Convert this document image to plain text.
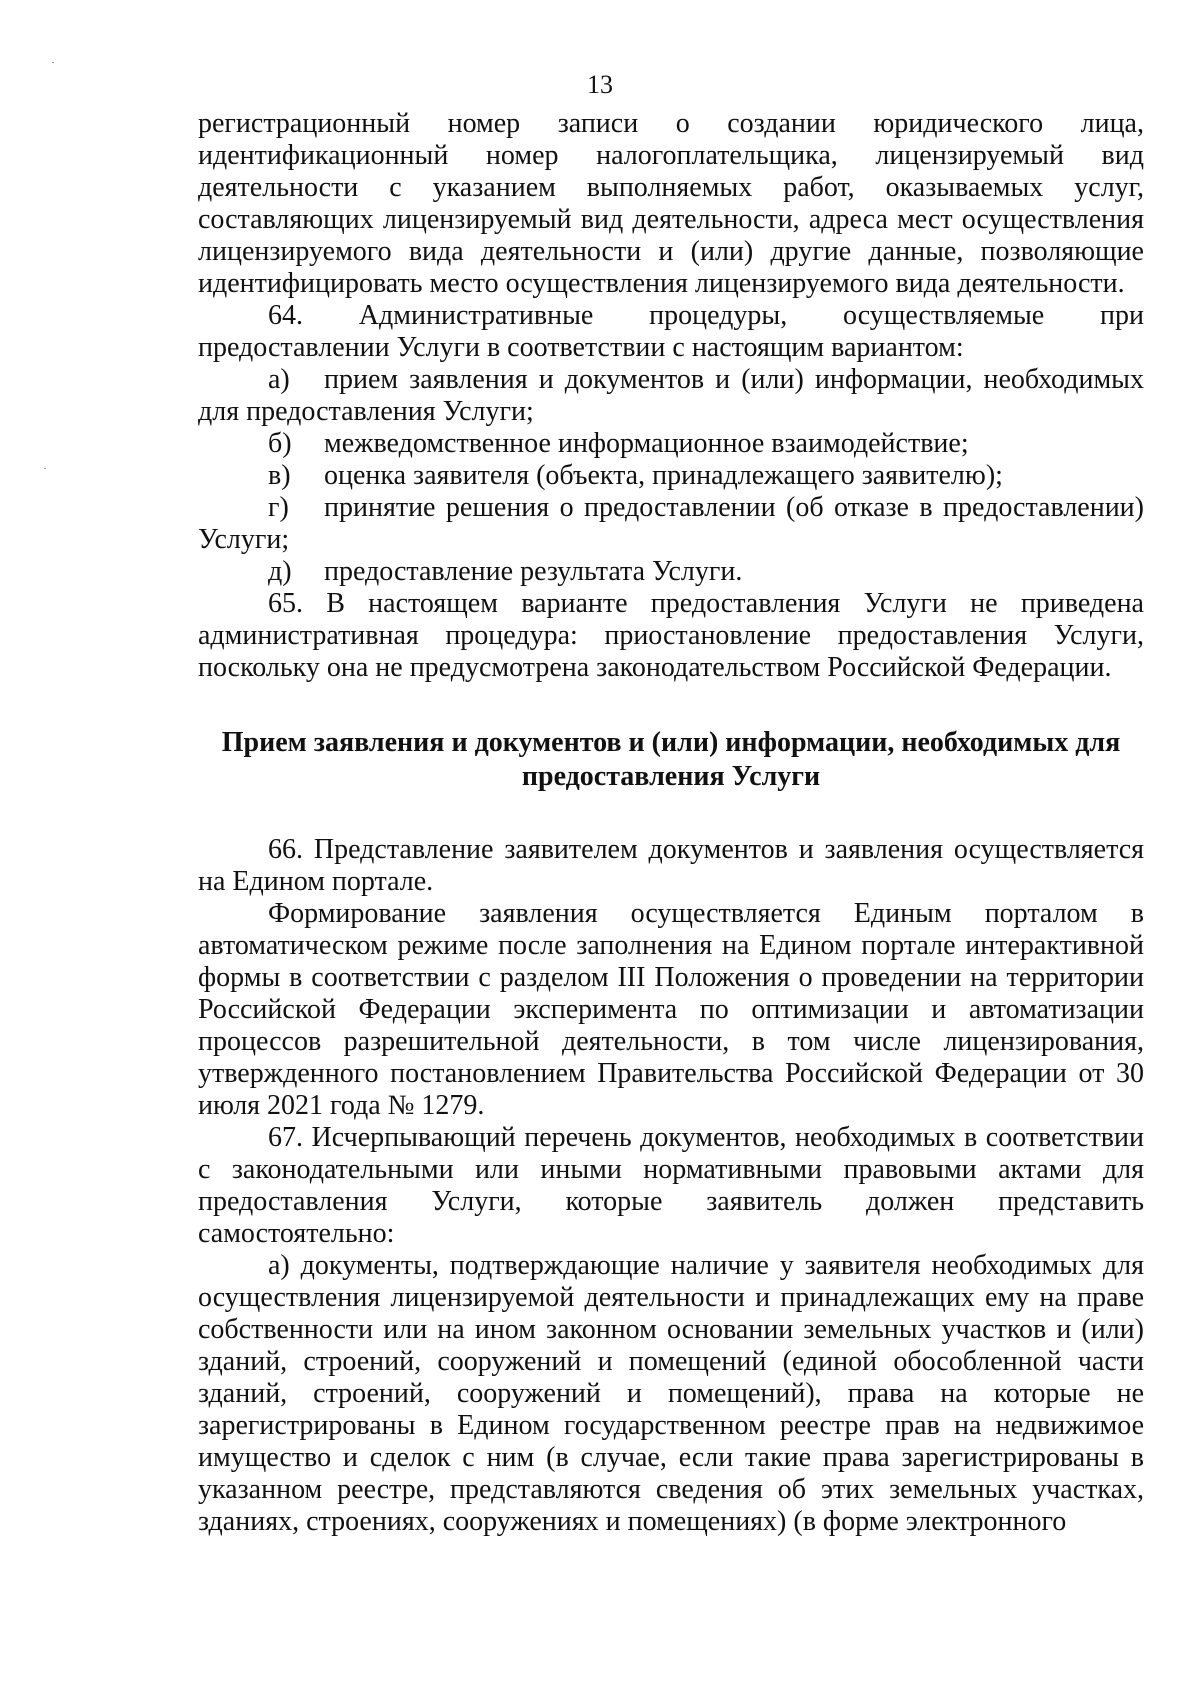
13

регистрационный номер записи о создании юридического лица, идентификационный номер налогоплательщика, лицензируемый вид деятельности с указанием выполняемых работ, оказываемых услуг, составляющих лицензируемый вид деятельности, адреса мест осуществления лицензируемого вида деятельности и (или) другие данные, позволяющие идентифицировать место осуществления лицензируемого вида деятельности.

64. Административные процедуры, осуществляемые при предоставлении Услуги в соответствии с настоящим вариантом:

а) прием заявления и документов и (или) информации, необходимых для предоставления Услуги;

б) межведомственное информационное взаимодействие;

в) оценка заявителя (объекта, принадлежащего заявителю);

г) принятие решения о предоставлении (об отказе в предоставлении) Услуги;

д) предоставление результата Услуги.

65. В настоящем варианте предоставления Услуги не приведена административная процедура: приостановление предоставления Услуги, поскольку она не предусмотрена законодательством Российской Федерации.

Прием заявления и документов и (или) информации, необходимых для предоставления Услуги

66. Представление заявителем документов и заявления осуществляется на Едином портале.

Формирование заявления осуществляется Единым порталом в автоматическом режиме после заполнения на Едином портале интерактивной формы в соответствии с разделом III Положения о проведении на территории Российской Федерации эксперимента по оптимизации и автоматизации процессов разрешительной деятельности, в том числе лицензирования, утвержденного постановлением Правительства Российской Федерации от 30 июля 2021 года № 1279.

67. Исчерпывающий перечень документов, необходимых в соответствии с законодательными или иными нормативными правовыми актами для предоставления Услуги, которые заявитель должен представить самостоятельно:

а) документы, подтверждающие наличие у заявителя необходимых для осуществления лицензируемой деятельности и принадлежащих ему на праве собственности или на ином законном основании земельных участков и (или) зданий, строений, сооружений и помещений (единой обособленной части зданий, строений, сооружений и помещений), права на которые не зарегистрированы в Едином государственном реестре прав на недвижимое имущество и сделок с ним (в случае, если такие права зарегистрированы в указанном реестре, представляются сведения об этих земельных участках, зданиях, строениях, сооружениях и помещениях) (в форме электронного
